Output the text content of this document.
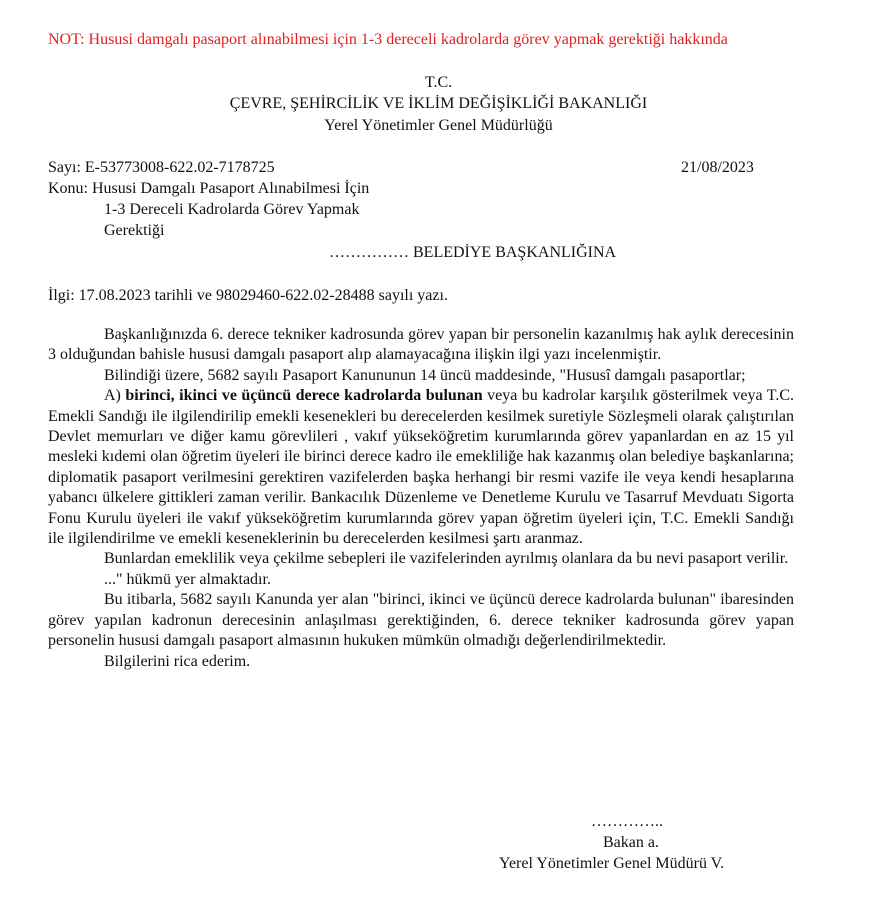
NOT: Hususi damgalı pasaport alınabilmesi için 1-3 dereceli kadrolarda görev yapmak gerektiği hakkında
T.C.
ÇEVRE, ŞEHİRCİLİK VE İKLİM DEĞİŞİKLİĞİ BAKANLIĞI
Yerel Yönetimler Genel Müdürlüğü
Sayı: E-53773008-622.02-7178725	21/08/2023
Konu: Hususi Damgalı Pasaport Alınabilmesi İçin
1-3 Dereceli Kadrolarda Görev Yapmak
Gerektiği
…………… BELEDİYE BAŞKANLIĞINA
İlgi: 17.08.2023 tarihli ve 98029460-622.02-28488 sayılı yazı.

Başkanlığınızda 6. derece tekniker kadrosunda görev yapan bir personelin kazanılmış hak aylık derecesinin 3 olduğundan bahisle hususi damgalı pasaport alıp alamayacağına ilişkin ilgi yazı incelenmiştir.

Bilindiği üzere, 5682 sayılı Pasaport Kanununun 14 üncü maddesinde, "Hususî damgalı pasaportlar;

A) birinci, ikinci ve üçüncü derece kadrolarda bulunan veya bu kadrolar karşılık gösterilmek veya T.C. Emekli Sandığı ile ilgilendirilip emekli kesenekleri bu derecelerden kesilmek suretiyle Sözleşmeli olarak çalıştırılan Devlet memurları ve diğer kamu görevlileri , vakıf yükseköğretim kurumlarında görev yapanlardan en az 15 yıl mesleki kıdemi olan öğretim üyeleri ile birinci derece kadro ile emekliliğe hak kazanmış olan belediye başkanlarına; diplomatik pasaport verilmesini gerektiren vazifelerden başka herhangi bir resmi vazife ile veya kendi hesaplarına yabancı ülkelere gittikleri zaman verilir. Bankacılık Düzenleme ve Denetleme Kurulu ve Tasarruf Mevduatı Sigorta Fonu Kurulu üyeleri ile vakıf yükseköğretim kurumlarında görev yapan öğretim üyeleri için, T.C. Emekli Sandığı ile ilgilendirilme ve emekli keseneklerinin bu derecelerden kesilmesi şartı aranmaz.

Bunlardan emeklilik veya çekilme sebepleri ile vazifelerinden ayrılmış olanlara da bu nevi pasaport verilir.

..." hükmü yer almaktadır.

Bu itibarla, 5682 sayılı Kanunda yer alan "birinci, ikinci ve üçüncü derece kadrolarda bulunan" ibaresinden görev yapılan kadronun derecesinin anlaşılması gerektiğinden, 6. derece tekniker kadrosunda görev yapan personelin hususi damgalı pasaport almasının hukuken mümkün olmadığı değerlendirilmektedir.

Bilgilerini rica ederim.

…………..
Bakan a.
Yerel Yönetimler Genel Müdürü V.
